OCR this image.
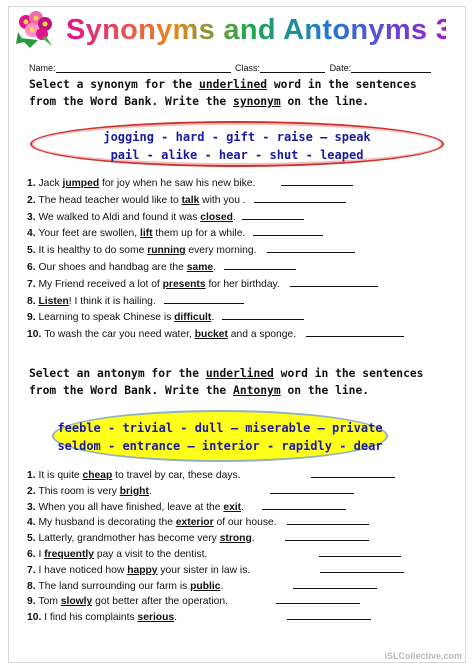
Synonyms and Antonyms 3
Name:	Class:	Date:
Select a synonym for the underlined word in the sentences from the Word Bank. Write the synonym on the line.
jogging - hard - gift - raise – speak
pail - alike - hear - shut - leaped
1. Jack jumped for joy when he saw his new bike.
2. The head teacher would like to talk with you .
3. We walked to Aldi and found it was closed.
4. Your feet are swollen, lift them up for a while.
5. It is healthy to do some running every morning.
6. Our shoes and handbag are the same.
7. My Friend received a lot of presents for her birthday.
8. Listen! I think it is hailing.
9. Learning to speak Chinese is difficult.
10. To wash the car you need water, bucket and a sponge.
Select an antonym for the underlined word in the sentences from the Word Bank. Write the Antonym on the line.
feeble - trivial - dull – miserable – private
seldom - entrance – interior - rapidly - dear
1. It is quite cheap to travel by car, these days.
2. This room is very bright.
3. When you all have finished, leave at the exit.
4. My husband is decorating the exterior of our house.
5. Latterly, grandmother has become very strong.
6. I frequently pay a visit to the dentist.
7. I have noticed how happy your sister in law is.
8. The land surrounding our farm is public.
9. Tom slowly got better after the operation.
10. I find his complaints serious.
iSLCollective.com
